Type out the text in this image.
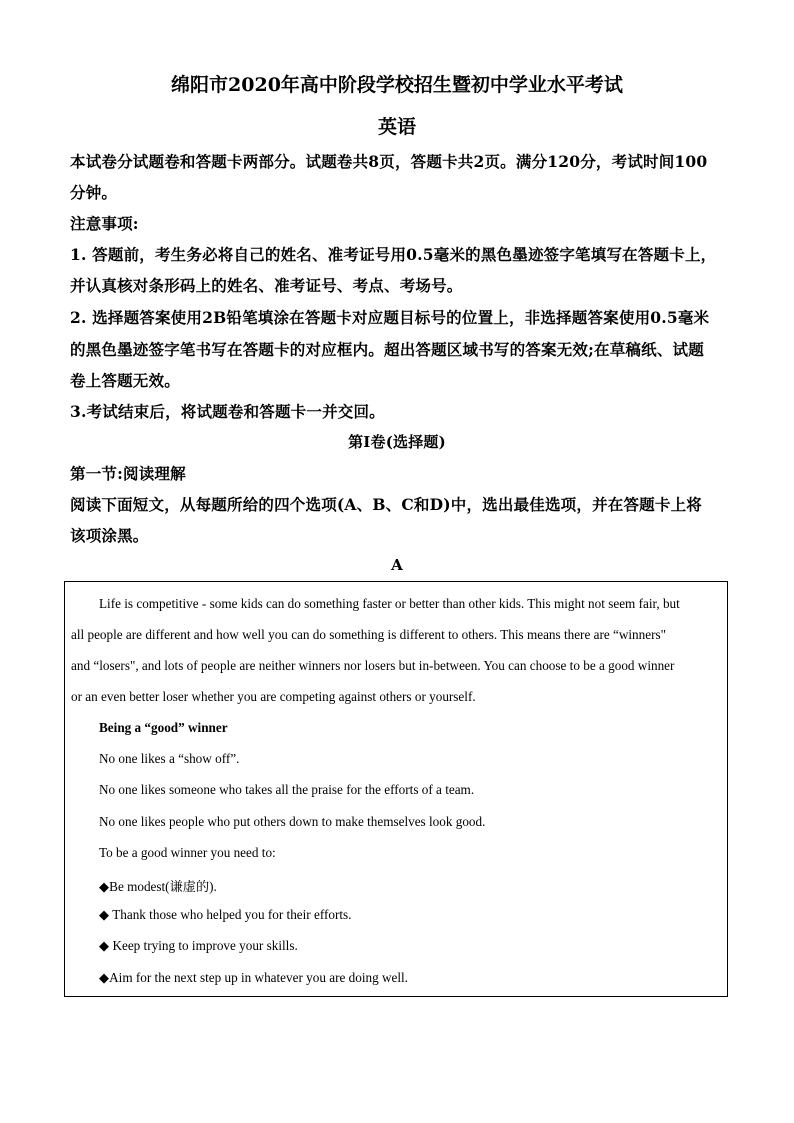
绵阳市2020年高中阶段学校招生暨初中学业水平考试
英语
本试卷分试题卷和答题卡两部分。试题卷共8页，答题卡共2页。满分120分，考试时间100
分钟。
注意事项:
1. 答题前，考生务必将自己的姓名、准考证号用0.5毫米的黑色墨迹签字笔填写在答题卡上，
并认真核对条形码上的姓名、准考证号、考点、考场号。
2. 选择题答案使用2B铅笔填涂在答题卡对应题目标号的位置上，非选择题答案使用0.5毫米
的黑色墨迹签字笔书写在答题卡的对应框内。超出答题区域书写的答案无效;在草稿纸、试题
卷上答题无效。
3.考试结束后，将试题卷和答题卡一并交回。
第I卷(选择题)
第一节:阅读理解
阅读下面短文，从每题所给的四个选项(A、B、C和D)中，选出最佳选项，并在答题卡上将
该项涂黑。
A
Life is competitive - some kids can do something faster or better than other kids. This might not seem fair, but
all people are different and how well you can do something is different to others. This means there are “winners"
and “losers", and lots of people are neither winners nor losers but in-between. You can choose to be a good winner
or an even better loser whether you are competing against others or yourself.
Being a “good” winner
No one likes a “show off”.
No one likes someone who takes all the praise for the efforts of a team.
No one likes people who put others down to make themselves look good.
To be a good winner you need to:
◆Be modest(谦虚的).
◆ Thank those who helped you for their efforts.
◆ Keep trying to improve your skills.
◆Aim for the next step up in whatever you are doing well.
